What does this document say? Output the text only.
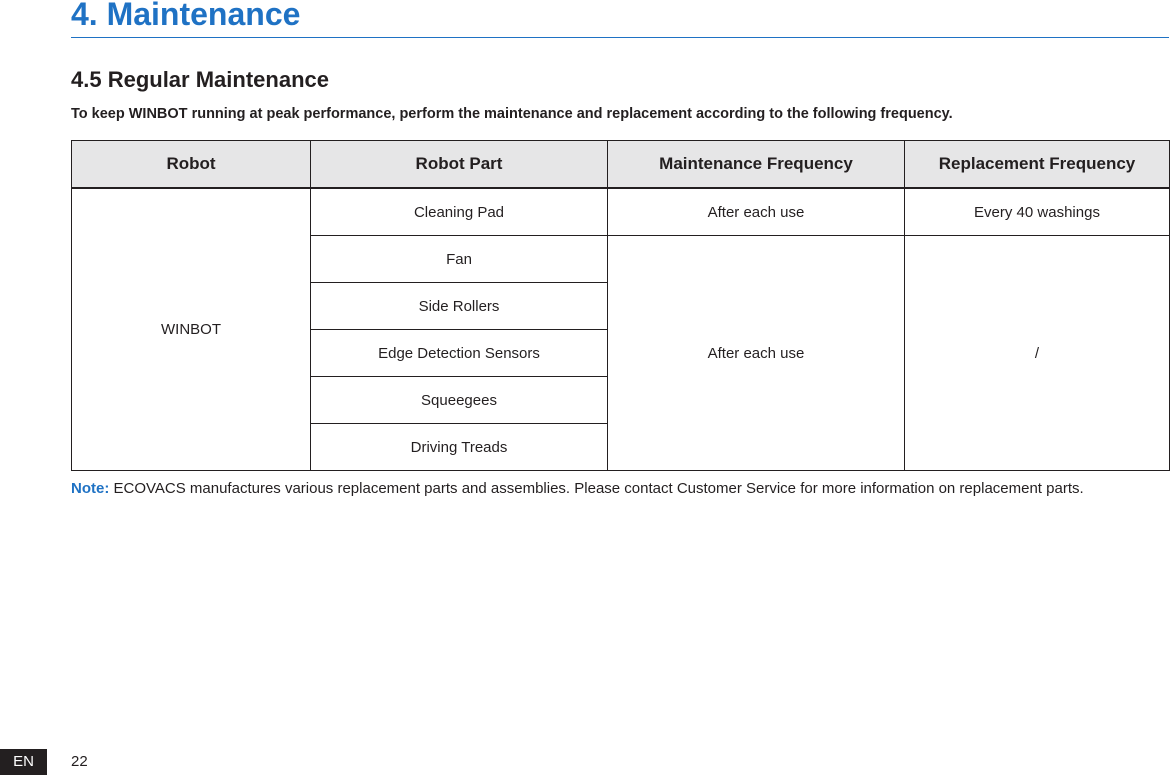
4. Maintenance
4.5 Regular Maintenance

To keep WINBOT running at peak performance, perform the maintenance and replacement according to the following frequency.

Robot	Robot Part	Maintenance Frequency	Replacement Frequency
WINBOT	Cleaning Pad	After each use	Every 40 washings
	Fan	After each use	/
	Side Rollers		
	Edge Detection Sensors		
	Squeegees		
	Driving Treads		

Note: ECOVACS manufactures various replacement parts and assemblies. Please contact Customer Service for more information on replacement parts.

EN	22
